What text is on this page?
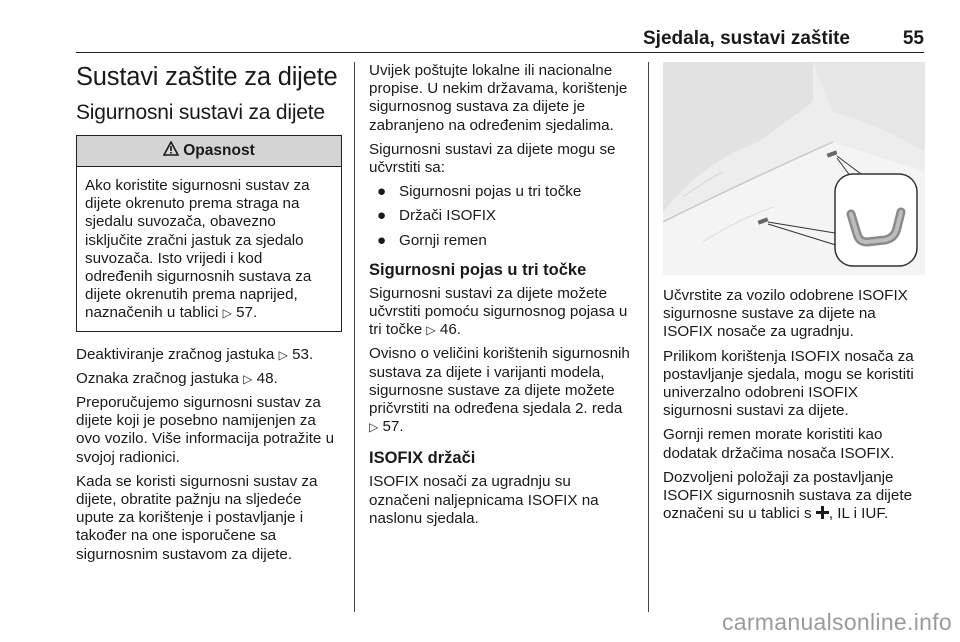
Sjedala, sustavi zaštite	55
Sustavi zaštite za dijete
Sigurnosni sustavi za dijete
Opasnost
Ako koristite sigurnosni sustav za dijete okrenuto prema straga na sjedalu suvozača, obavezno isključite zračni jastuk za sjedalo suvozača. Isto vrijedi i kod određenih sigurnosnih sustava za dijete okrenutih prema naprijed, naznačenih u tablici ▷ 57.

Deaktiviranje zračnog jastuka ▷ 53.

Oznaka zračnog jastuka ▷ 48.

Preporučujemo sigurnosni sustav za dijete koji je posebno namijenjen za ovo vozilo. Više informacija potražite u svojoj radionici.

Kada se koristi sigurnosni sustav za dijete, obratite pažnju na sljedeće upute za korištenje i postavljanje i također na one isporučene sa sigurnosnim sustavom za dijete.

Uvijek poštujte lokalne ili nacionalne propise. U nekim državama, korištenje sigurnosnog sustava za dijete je zabranjeno na određenim sjedalima.

Sigurnosni sustavi za dijete mogu se učvrstiti sa:

● Sigurnosni pojas u tri točke
● Držači ISOFIX
● Gornji remen
Sigurnosni pojas u tri točke

Sigurnosni sustavi za dijete možete učvrstiti pomoću sigurnosnog pojasa u tri točke ▷ 46.

Ovisno o veličini korištenih sigurnosnih sustava za dijete i varijanti modela, sigurnosne sustave za dijete možete pričvrstiti na određena sjedala 2. reda ▷ 57.

ISOFIX držači

ISOFIX nosači za ugradnju su označeni naljepnicama ISOFIX na naslonu sjedala.

Učvrstite za vozilo odobrene ISOFIX sigurnosne sustave za dijete na ISOFIX nosače za ugradnju.

Prilikom korištenja ISOFIX nosača za postavljanje sjedala, mogu se koristiti univerzalno odobreni ISOFIX sigurnosni sustavi za dijete.

Gornji remen morate koristiti kao dodatak držačima nosača ISOFIX.

Dozvoljeni položaji za postavljanje ISOFIX sigurnosnih sustava za dijete označeni su u tablici s , IL i IUF.

carmanualsonline.info
